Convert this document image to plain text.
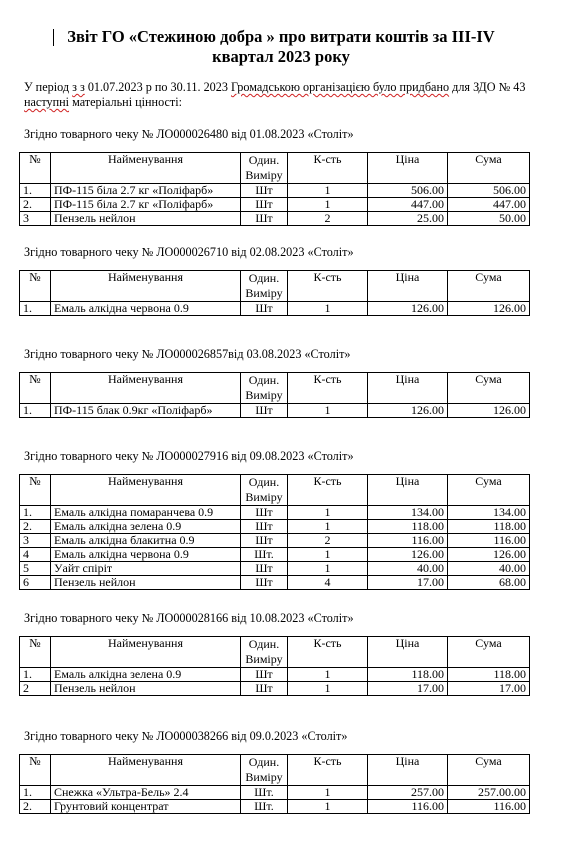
Звіт ГО «Стежиною добра » про витрати коштів за ІІІ-IV
квартал 2023 року
У період з з 01.07.2023 р по 30.11. 2023 Громадською організацією було придбано для ЗДО № 43 наступні матеріальні цінності:
Згідно товарного чеку № ЛО000026480 від 01.08.2023 «Століт»
№	Найменування	Один. Виміру	К-сть	Ціна	Сума
1.	ПФ-115 біла 2.7 кг «Поліфарб»	Шт	1	506.00	506.00
2.	ПФ-115 біла 2.7 кг «Поліфарб»	Шт	1	447.00	447.00
3	Пензель нейлон	Шт	2	25.00	50.00
Згідно товарного чеку № ЛО000026710 від 02.08.2023 «Століт»
№	Найменування	Один. Виміру	К-сть	Ціна	Сума
1.	Емаль алкідна червона 0.9	Шт	1	126.00	126.00
Згідно товарного чеку № ЛО000026857від 03.08.2023 «Століт»
№	Найменування	Один. Виміру	К-сть	Ціна	Сума
1.	ПФ-115 блак 0.9кг «Поліфарб»	Шт	1	126.00	126.00
Згідно товарного чеку № ЛО000027916 від 09.08.2023 «Століт»
№	Найменування	Один. Виміру	К-сть	Ціна	Сума
1.	Емаль алкідна помаранчева 0.9	Шт	1	134.00	134.00
2.	Емаль алкідна зелена 0.9	Шт	1	118.00	118.00
3	Емаль алкідна блакитна 0.9	Шт	2	116.00	116.00
4	Емаль алкідна червона 0.9	Шт.	1	126.00	126.00
5	Уайт спіріт	Шт	1	40.00	40.00
6	Пензель нейлон	Шт	4	17.00	68.00
Згідно товарного чеку № ЛО000028166 від 10.08.2023 «Століт»
№	Найменування	Один. Виміру	К-сть	Ціна	Сума
1.	Емаль алкідна зелена 0.9	Шт	1	118.00	118.00
2	Пензель нейлон	Шт	1	17.00	17.00
Згідно товарного чеку № ЛО000038266 від 09.0.2023 «Століт»
№	Найменування	Один. Виміру	К-сть	Ціна	Сума
1.	Снежка «Ультра-Бель» 2.4	Шт.	1	257.00	257.00.00
2.	Грунтовий концентрат	Шт.	1	116.00	116.00
